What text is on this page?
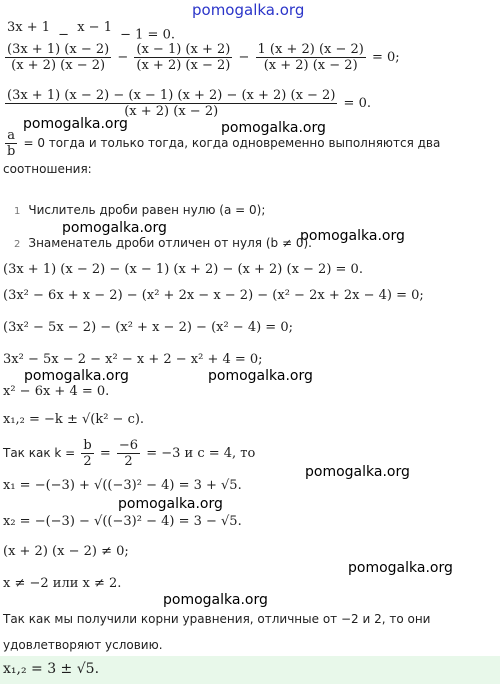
pomogalka.org
pomogalka.org	pomogalka.org
pomogalka.org	pomogalka.org
pomogalka.org	pomogalka.org
pomogalka.org
pomogalka.org
pomogalka.org
pomogalka.org
3x + 1
− x − 1
− 1 = 0.
$\frac{(3x + 1) (x - 2)}{(x + 2) (x - 2)} - \frac{(x - 1) (x + 2)}{(x + 2) (x - 2)} - \frac{1 (x + 2) (x - 2)}{(x + 2) (x - 2)} = 0$;
$\frac{(3x + 1) (x - 2) - (x - 1) (x + 2) - (x + 2) (x - 2)}{(x + 2) (x - 2)} = 0$.
$\frac{a}{b} = 0$ тогда и только тогда, когда одновременно выполняются два
соотношения:
1 Числитель дроби равен нулю (a = 0);
2 Знаменатель дроби отличен от нуля (b ≠ 0).
(3x + 1) (x − 2) − (x − 1) (x + 2) − (x + 2) (x − 2) = 0.
(3x² − 6x + x − 2) − (x² + 2x − x − 2) − (x² − 2x + 2x − 4) = 0;
(3x² − 5x − 2) − (x² + x − 2) − (x² − 4) = 0;
3x² − 5x − 2 − x² − x + 2 − x² + 4 = 0;
x² − 6x + 4 = 0.
x₁,₂ = −k ± √(k² − c).
Так как $k = \frac{b}{2} = \frac{-6}{2} = -3$ и c = 4, то
x₁ = −(−3) + √((−3)² − 4) = 3 + √5.
x₂ = −(−3) − √((−3)² − 4) = 3 − √5.
(x + 2) (x − 2) ≠ 0;
x ≠ −2 или x ≠ 2.
Так как мы получили корни уравнения, отличные от −2 и 2, то они
удовлетворяют условию.
x₁,₂ = 3 ± √5.
